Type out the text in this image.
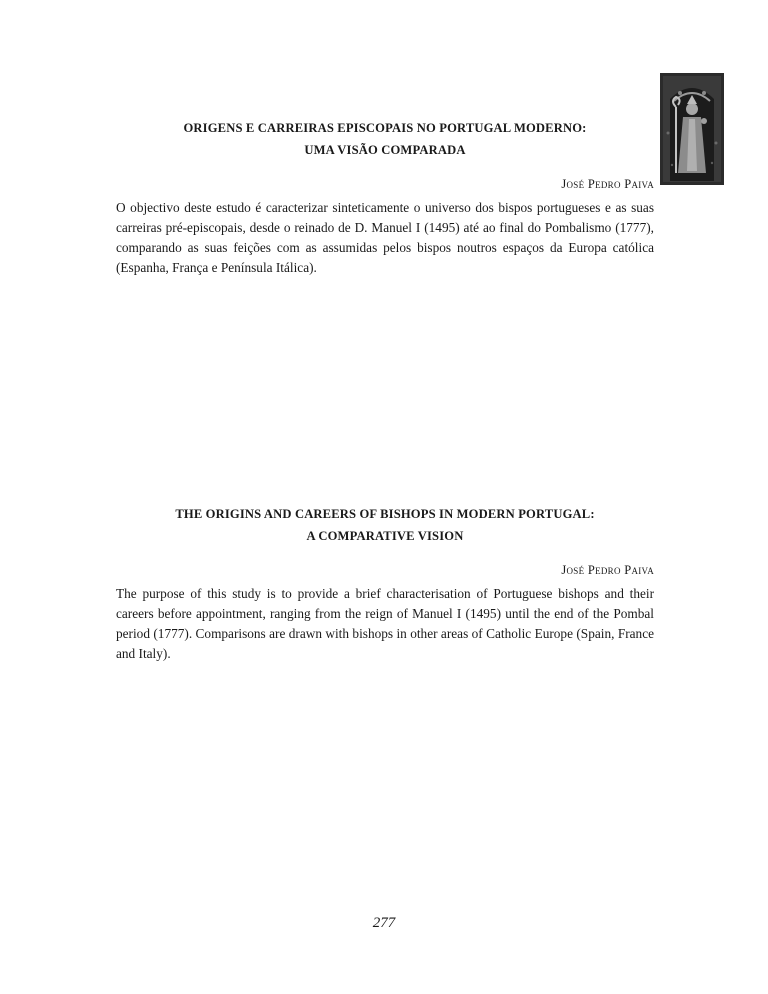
ORIGENS E CARREIRAS EPISCOPAIS NO PORTUGAL MODERNO:
UMA VISÃO COMPARADA

José Pedro Paiva

O objectivo deste estudo é caracterizar sinteticamente o universo dos bispos portugueses e as suas carreiras pré-episcopais, desde o reinado de D. Manuel I (1495) até ao final do Pombalismo (1777), comparando as suas feições com as assumidas pelos bispos noutros espaços da Europa católica (Espanha, França e Península Itálica).

THE ORIGINS AND CAREERS OF BISHOPS IN MODERN PORTUGAL:
A COMPARATIVE VISION

José Pedro Paiva

The purpose of this study is to provide a brief characterisation of Portuguese bishops and their careers before appointment, ranging from the reign of Manuel I (1495) until the end of the Pombal period (1777). Comparisons are drawn with bishops in other areas of Catholic Europe (Spain, France and Italy).

277
